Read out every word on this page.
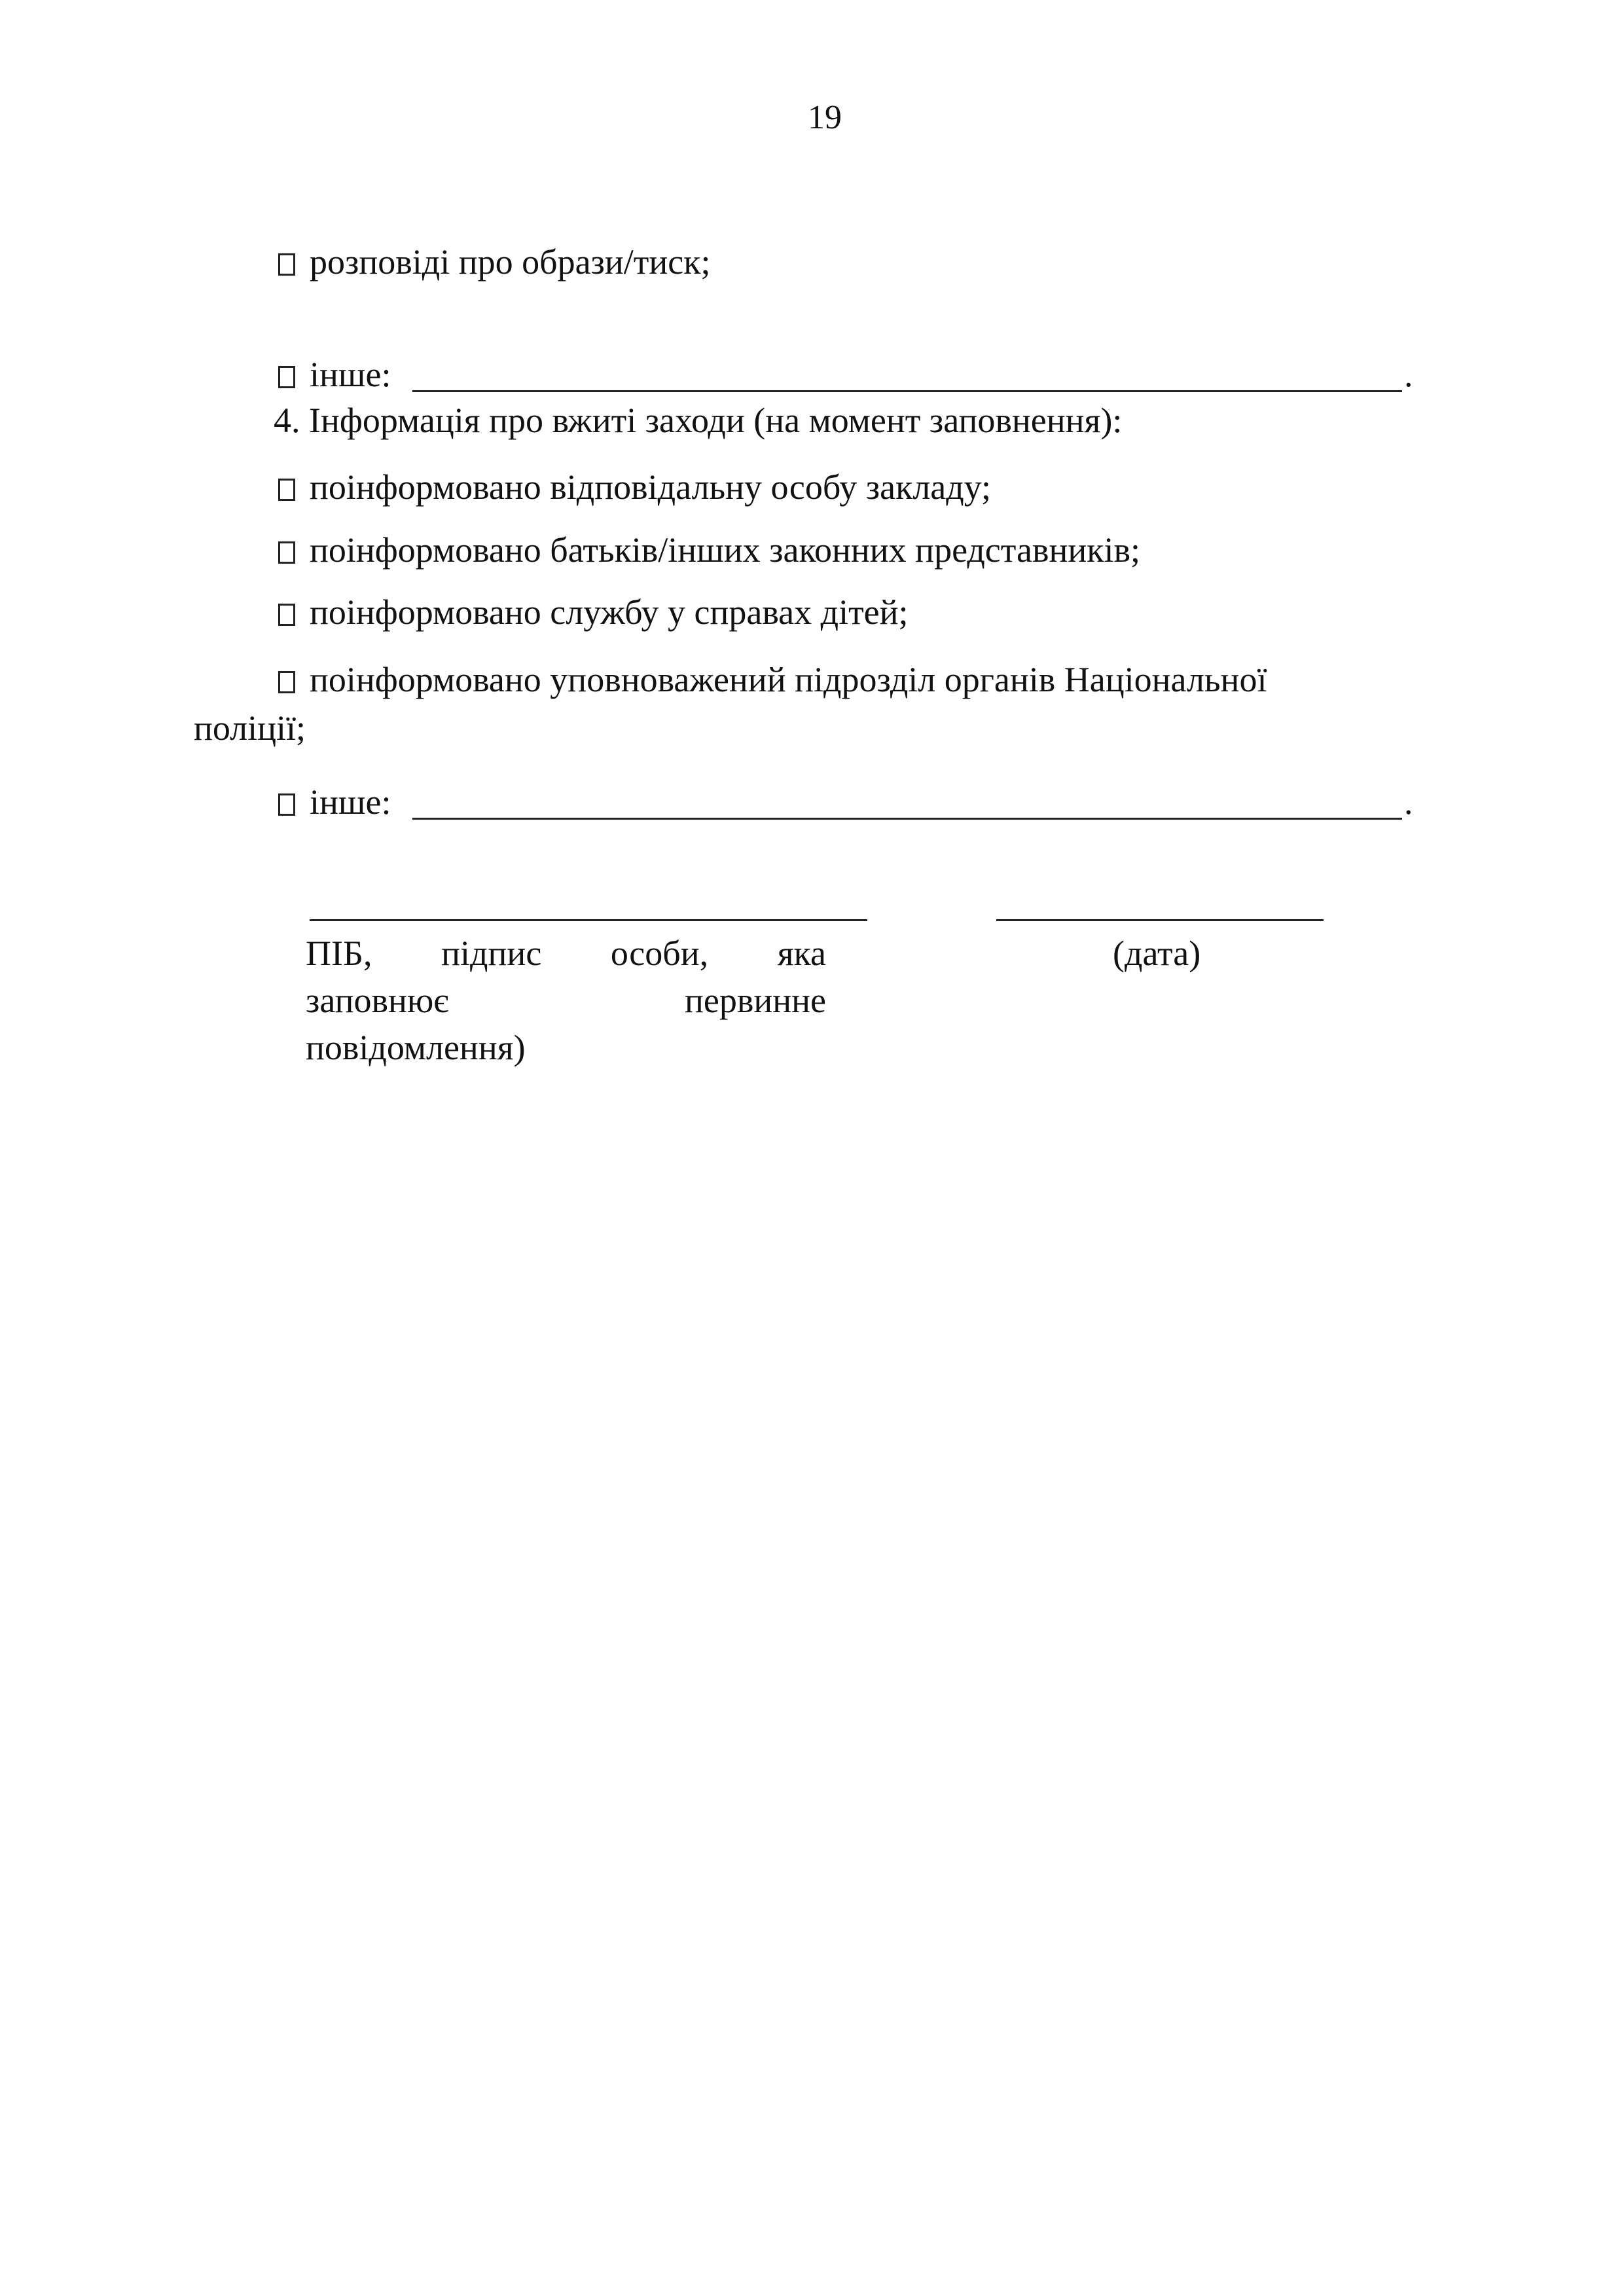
19
розповіді про образи/тиск;
інше:	.
4. Інформація про вжиті заходи (на момент заповнення):
поінформовано відповідальну особу закладу;
поінформовано батьків/інших законних представників;
поінформовано службу у справах дітей;
поінформовано уповноважений підрозділ органів Національної
поліції;
інше:	.
ПІБ, підпис особи, яка
заповнює	первинне
повідомлення)
(дата)
